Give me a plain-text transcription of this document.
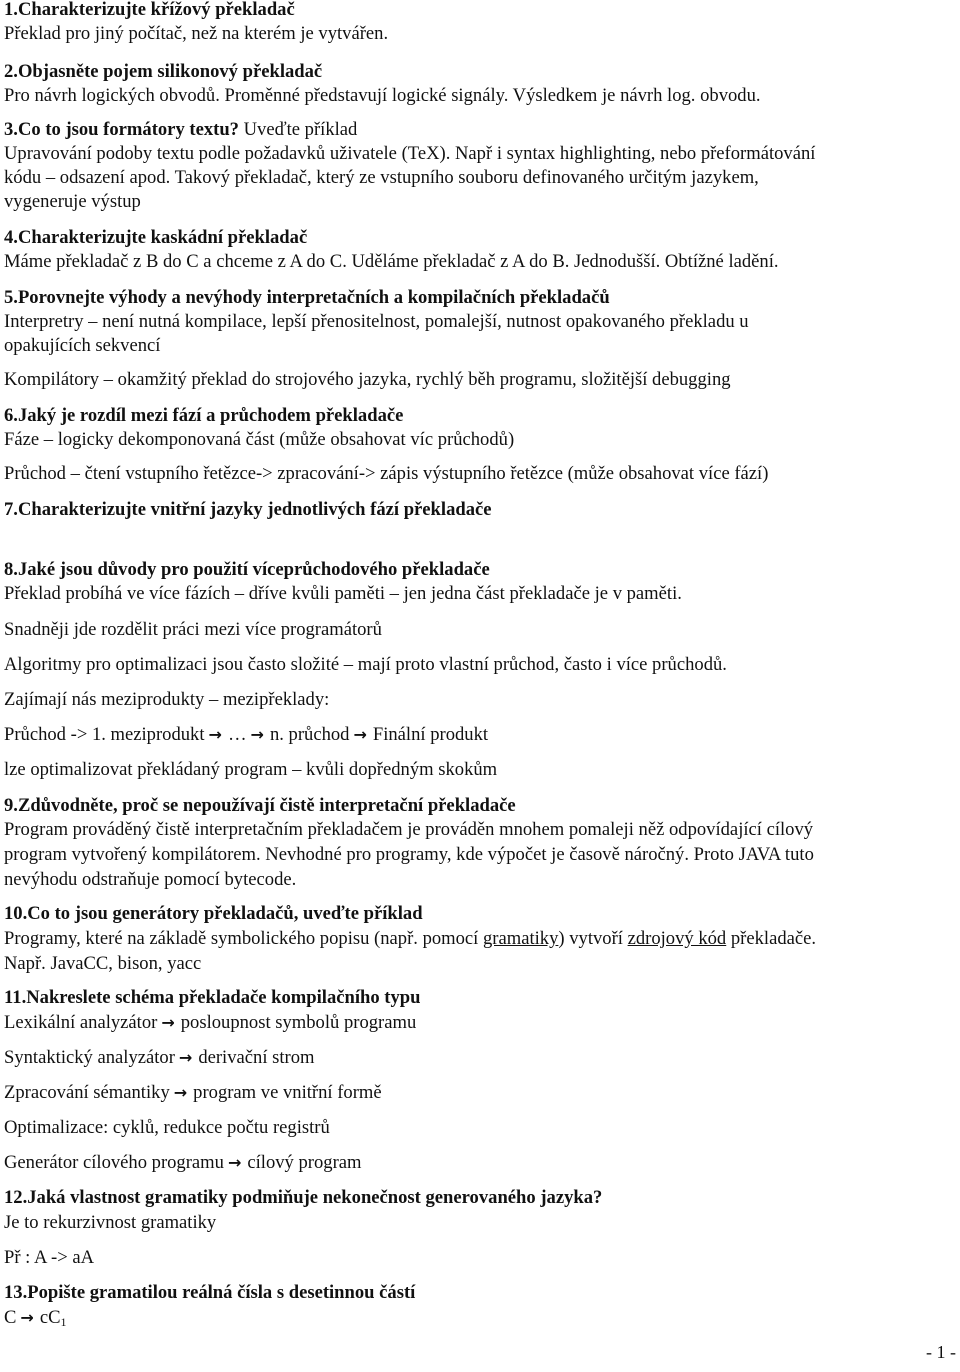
1.Charakterizujte křížový překladač
Překlad pro jiný počítač, než na kterém je vytvářen.
2.Objasněte pojem silikonový překladač
Pro návrh logických obvodů. Proměnné představují logické signály. Výsledkem je návrh log. obvodu.
3.Co to jsou formátory textu? Uveďte příklad
Upravování podoby textu podle požadavků uživatele (TeX). Např i syntax highlighting, nebo přeformátování
kódu – odsazení apod. Takový překladač, který ze vstupního souboru definovaného určitým jazykem,
vygeneruje výstup
4.Charakterizujte kaskádní překladač
Máme překladač z B do C a chceme z A do C. Uděláme překladač z A do B. Jednodušší. Obtížné ladění.
5.Porovnejte výhody a nevýhody interpretačních a kompilačních překladačů
Interpretry – není nutná kompilace, lepší přenositelnost, pomalejší, nutnost opakovaného překladu u
opakujících sekvencí
Kompilátory – okamžitý překlad do strojového jazyka, rychlý běh programu, složitější debugging
6.Jaký je rozdíl mezi fází a průchodem překladače
Fáze – logicky dekomponovaná část (může obsahovat víc průchodů)
Průchod – čtení vstupního řetězce-> zpracování-> zápis výstupního řetězce (může obsahovat více fází)
7.Charakterizujte vnitřní jazyky jednotlivých fází překladače
8.Jaké jsou důvody pro použití víceprůchodového překladače
Překlad probíhá ve více fázích – dříve kvůli paměti – jen jedna část překladače je v paměti.
Snadněji jde rozdělit práci mezi více programátorů
Algoritmy pro optimalizaci jsou často složité – mají proto vlastní průchod, často i více průchodů.
Zajímají nás meziprodukty – mezipřeklady:
Průchod -> 1. meziprodukt → … → n. průchod → Finální produkt
lze optimalizovat překládaný program – kvůli dopředným skokům
9.Zdůvodněte, proč se nepoužívají čistě interpretační překladače
Program prováděný čistě interpretačním překladačem je prováděn mnohem pomaleji něž odpovídající cílový
program vytvořený kompilátorem. Nevhodné pro programy, kde výpočet je časově náročný. Proto JAVA tuto
nevýhodu odstraňuje pomocí bytecode.
10.Co to jsou generátory překladačů, uveďte příklad
Programy, které na základě symbolického popisu (např. pomocí gramatiky) vytvoří zdrojový kód překladače.
Např. JavaCC, bison, yacc
11.Nakreslete schéma překladače kompilačního typu
Lexikální analyzátor → posloupnost symbolů programu
Syntaktický analyzátor → derivační strom
Zpracování sémantiky → program ve vnitřní formě
Optimalizace: cyklů, redukce počtu registrů
Generátor cílového programu → cílový program
12.Jaká vlastnost gramatiky podmiňuje nekonečnost generovaného jazyka?
Je to rekurzivnost gramatiky
Př : A -> aA
13.Popište gramatilou reálná čísla s desetinnou částí
$C \to cC_1$
- 1 -
